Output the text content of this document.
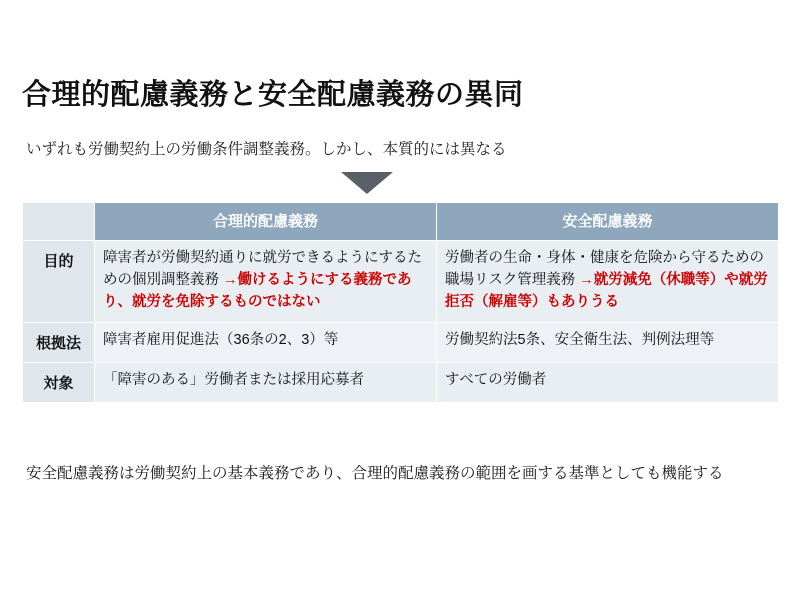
合理的配慮義務と安全配慮義務の異同
いずれも労働契約上の労働条件調整義務。しかし、本質的には異なる
	合理的配慮義務	安全配慮義務
目的	障害者が労働契約通りに就労できるようにするための個別調整義務 →働けるようにする義務であり、就労を免除するものではない	労働者の生命・身体・健康を危険から守るための職場リスク管理義務 →就労減免（休職等）や就労拒否（解雇等）もありうる
根拠法	障害者雇用促進法（36条の2、3）等	労働契約法5条、安全衛生法、判例法理等
対象	「障害のある」労働者または採用応募者	すべての労働者
安全配慮義務は労働契約上の基本義務であり、合理的配慮義務の範囲を画する基準としても機能する
